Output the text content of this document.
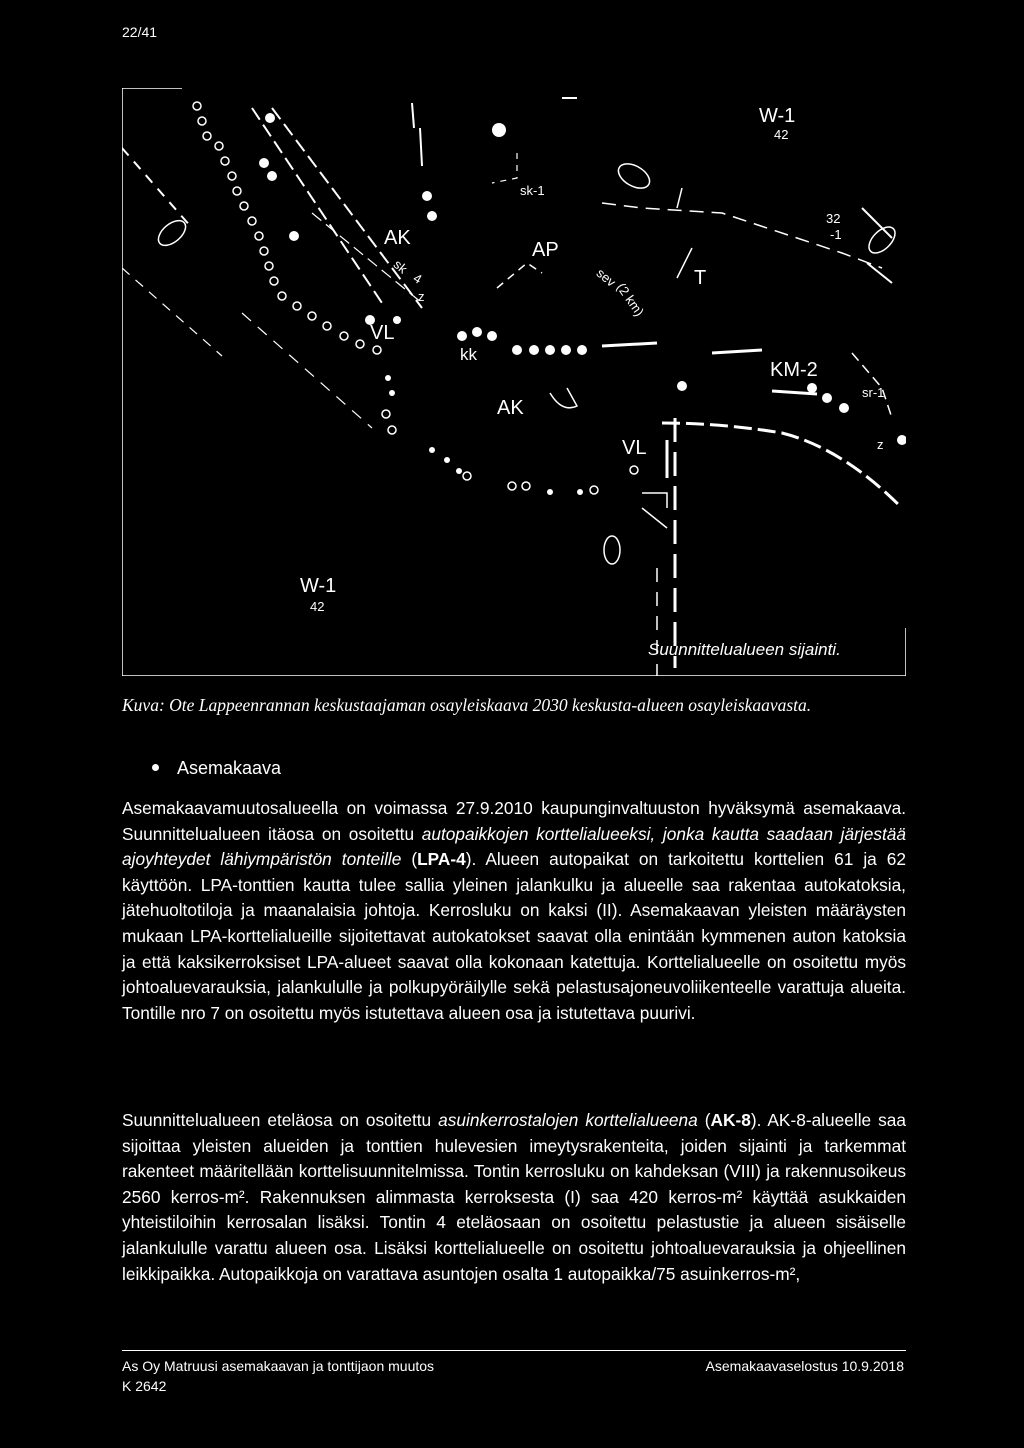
22/41
W-1
42
W-1
42
AK
AK
AP
kk
VL
VL
T
KM-2
sr-1
sk-1
sk	sev
(2 km)
32
-1
z
4
z
Suunnittelualueen sijainti.
Kuva: Ote Lappeenrannan keskustaajaman osayleiskaava 2030 keskusta-alueen osayleiskaavasta.
Asemakaava
Asemakaavamuutosalueella on voimassa 27.9.2010 kaupunginvaltuuston hyväksymä asemakaava. Suunnittelualueen itäosa on osoitettu autopaikkojen korttelialueeksi, jonka kautta saadaan järjestää ajoyhteydet lähiympäristön tonteille (LPA-4). Alueen autopaikat on tarkoitettu korttelien 61 ja 62 käyttöön. LPA-tonttien kautta tulee sallia yleinen jalankulku ja alueelle saa rakentaa autokatoksia, jätehuoltotiloja ja maanalaisia johtoja. Kerrosluku on kaksi (II). Asemakaavan yleisten määräysten mukaan LPA-korttelialueille sijoitettavat autokatokset saavat olla enintään kymmenen auton katoksia ja että kaksikerroksiset LPA-alueet saavat olla kokonaan katettuja. Korttelialueelle on osoitettu myös johtoaluevarauksia, jalankululle ja polkupyöräilylle sekä pelastusajoneuvoliikenteelle varattuja alueita. Tontille nro 7 on osoitettu myös istutettava alueen osa ja istutettava puurivi.
Suunnittelualueen eteläosa on osoitettu asuinkerrostalojen korttelialueena (AK-8). AK-8-alueelle saa sijoittaa yleisten alueiden ja tonttien hulevesien imeytysrakenteita, joiden sijainti ja tarkemmat rakenteet määritellään korttelisuunnitelmissa. Tontin kerrosluku on kahdeksan (VIII) ja rakennusoikeus 2560 kerros-m². Rakennuksen alimmasta kerroksesta (I) saa 420 kerros-m² käyttää asukkaiden yhteistiloihin kerrosalan lisäksi. Tontin 4 eteläosaan on osoitettu pelastustie ja alueen sisäiselle jalankululle varattu alueen osa. Lisäksi korttelialueelle on osoitettu johtoaluevarauksia ja ohjeellinen leikkipaikka. Autopaikkoja on varattava asuntojen osalta 1 autopaikka/75 asuinkerros-m²,
As Oy Matruusi asemakaavan ja tonttijaon muutos
K 2642
Asemakaavaselostus 10.9.2018
